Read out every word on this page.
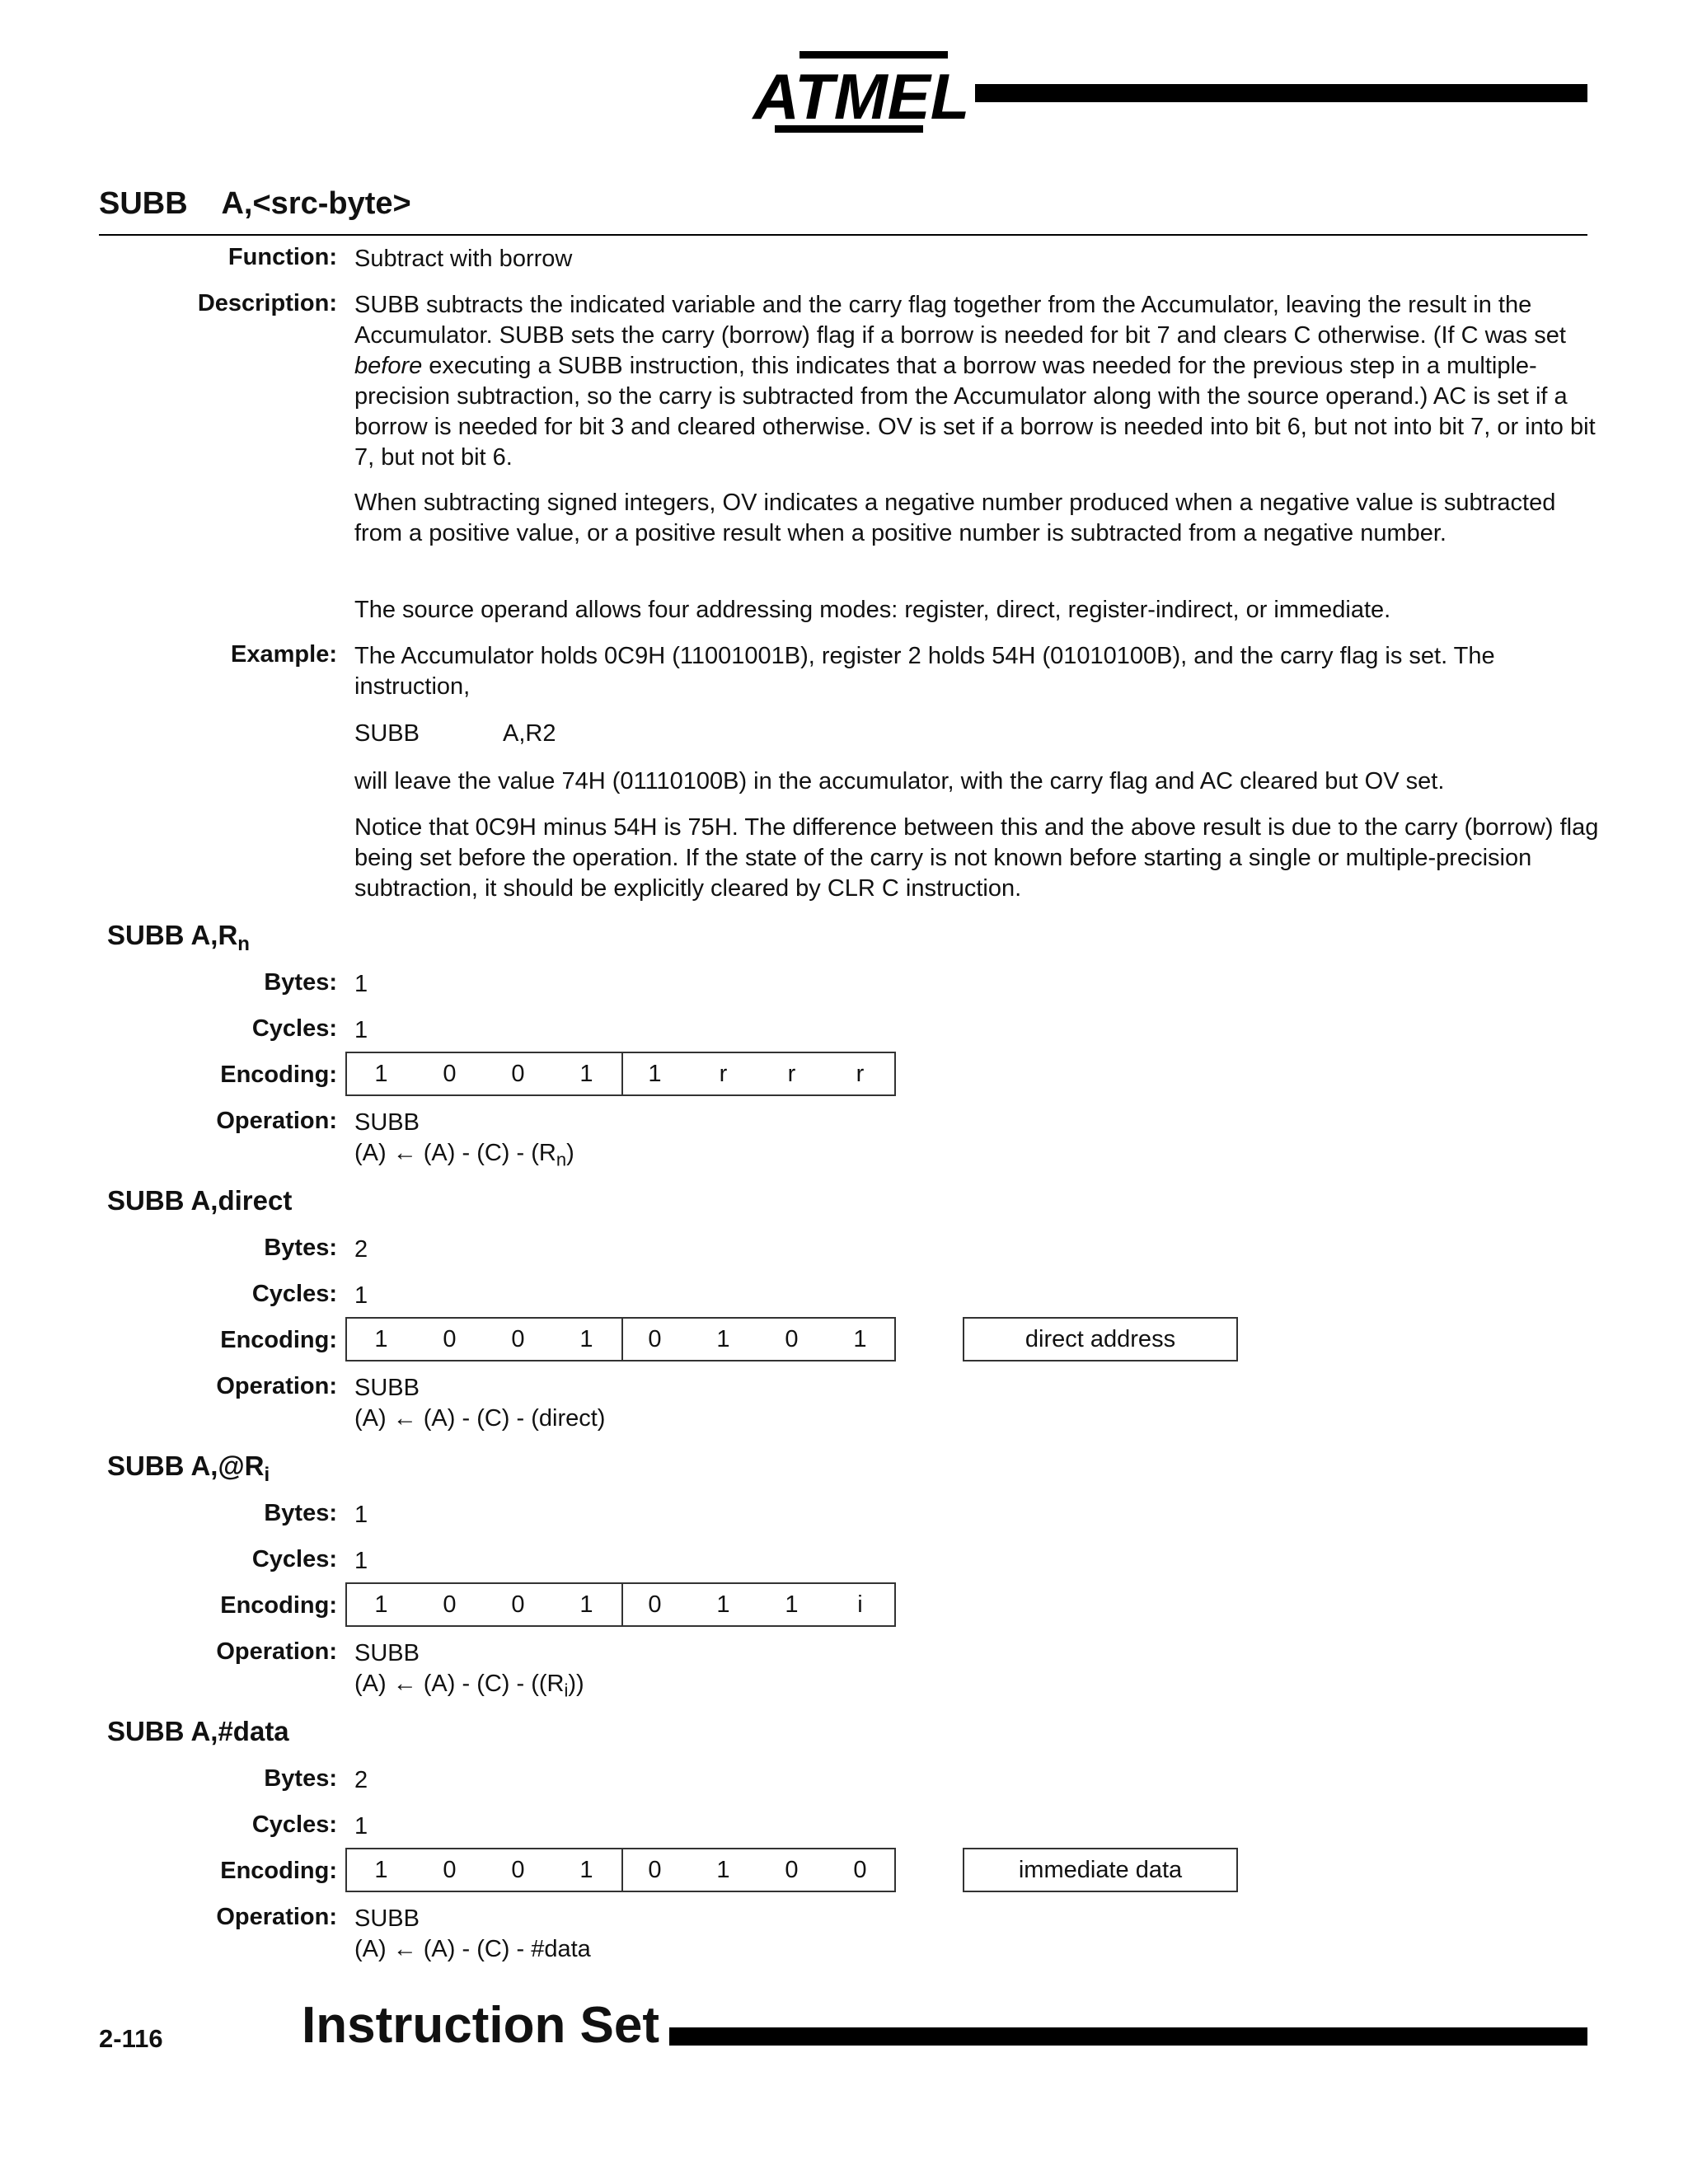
ATMEL
SUBB    A,<src-byte>
Function: Subtract with borrow
Description: SUBB subtracts the indicated variable and the carry flag together from the Accumulator, leaving the result in the Accumulator. SUBB sets the carry (borrow) flag if a borrow is needed for bit 7 and clears C otherwise. (If C was set before executing a SUBB instruction, this indicates that a borrow was needed for the previous step in a multiple-precision subtraction, so the carry is subtracted from the Accumulator along with the source operand.) AC is set if a borrow is needed for bit 3 and cleared otherwise. OV is set if a borrow is needed into bit 6, but not into bit 7, or into bit 7, but not bit 6.

When subtracting signed integers, OV indicates a negative number produced when a negative value is subtracted from a positive value, or a positive result when a positive number is subtracted from a negative number.
The source operand allows four addressing modes: register, direct, register-indirect, or immediate.
Example: The Accumulator holds 0C9H (11001001B), register 2 holds 54H (01010100B), and the carry flag is set. The instruction,
SUBB	A,R2
will leave the value 74H (01110100B) in the accumulator, with the carry flag and AC cleared but OV set.
Notice that 0C9H minus 54H is 75H. The difference between this and the above result is due to the carry (borrow) flag being set before the operation. If the state of the carry is not known before starting a single or multiple-precision subtraction, it should be explicitly cleared by CLR C instruction.
SUBB $A,R_n$
Bytes: 1
Cycles: 1
Encoding:	1	0	0	1	1	r	r	r
Operation: SUBB
(A) ← $(A) - (C) - (R_n)$
SUBB A,direct
Bytes: 2
Cycles: 1
Encoding:	1	0	0	1	0	1	0	1	direct address
Operation: SUBB
(A) ← (A) - (C) - (direct)
SUBB $A,@R_i$
Bytes: 1
Cycles: 1
Encoding:	1	0	0	1	0	1	1	i
Operation: SUBB
(A) ← $(A) - (C) - ((R_i))$
SUBB A,#data
Bytes: 2
Cycles: 1
Encoding:	1	0	0	1	0	1	0	0	immediate data
Operation: SUBB
(A) ← (A) - (C) - #data
2-116	Instruction Set
